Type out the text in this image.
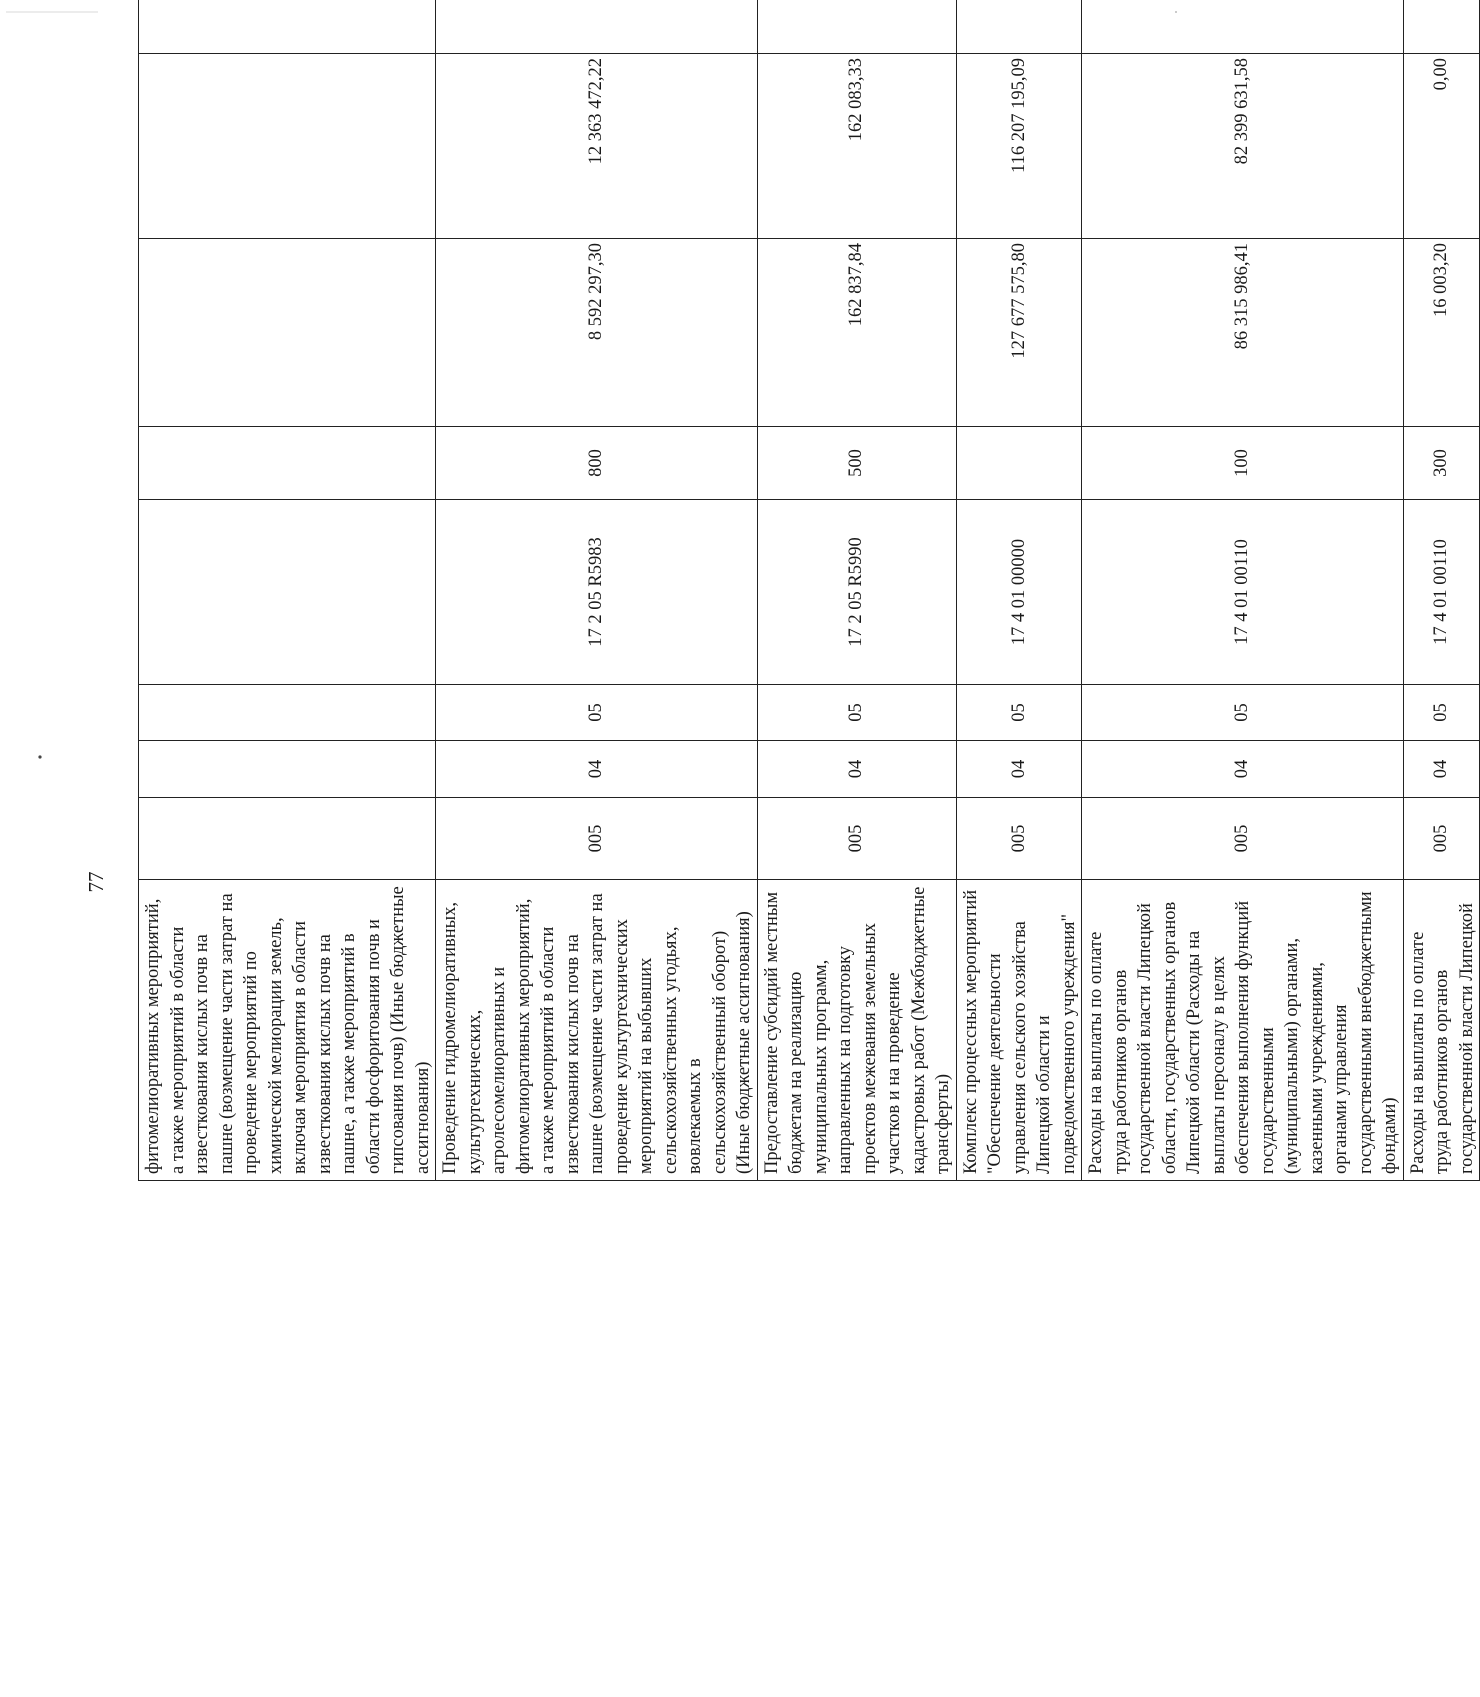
77
фитомелиоративных мероприятий, а также мероприятий в области известкования кислых почв на пашне (возмещение части затрат на проведение мероприятий по химической мелиорации земель, включая мероприятия в области известкования кислых почв на пашне, а также мероприятий в области фосфоритования почв и гипсования почв) (Иные бюджетные ассигнования)								
Проведение гидромелиоративных, культуртехнических, агролесомелиоративных и фитомелиоративных мероприятий, а также мероприятий в области известкования кислых почв на пашне (возмещение части затрат на проведение культуртехнических мероприятий на выбывших сельскохозяйственных угодьях, вовлекаемых в сельскохозяйственный оборот) (Иные бюджетные ассигнования)	005	04	05	17 2 05 R5983	800	8 592 297,30	12 363 472,22	
Предоставление субсидий местным бюджетам на реализацию муниципальных программ, направленных на подготовку проектов межевания земельных участков и на проведение кадастровых работ (Межбюджетные трансферты)	005	04	05	17 2 05 R5990	500	162 837,84	162 083,33	
Комплекс процессных мероприятий "Обеспечение деятельности управления сельского хозяйства Липецкой области и подведомственного учреждения"	005	04	05	17 4 01 00000		127 677 575,80	116 207 195,09	
Расходы на выплаты по оплате труда работников органов государственной власти Липецкой области, государственных органов Липецкой области (Расходы на выплаты персоналу в целях обеспечения выполнения функций государственными (муниципальными) органами, казенными учреждениями, органами управления государственными внебюджетными фондами)	005	04	05	17 4 01 00110	100	86 315 986,41	82 399 631,58	
Расходы на выплаты по оплате труда работников органов государственной власти Липецкой	005	04	05	17 4 01 00110	300	16 003,20	0,00	
